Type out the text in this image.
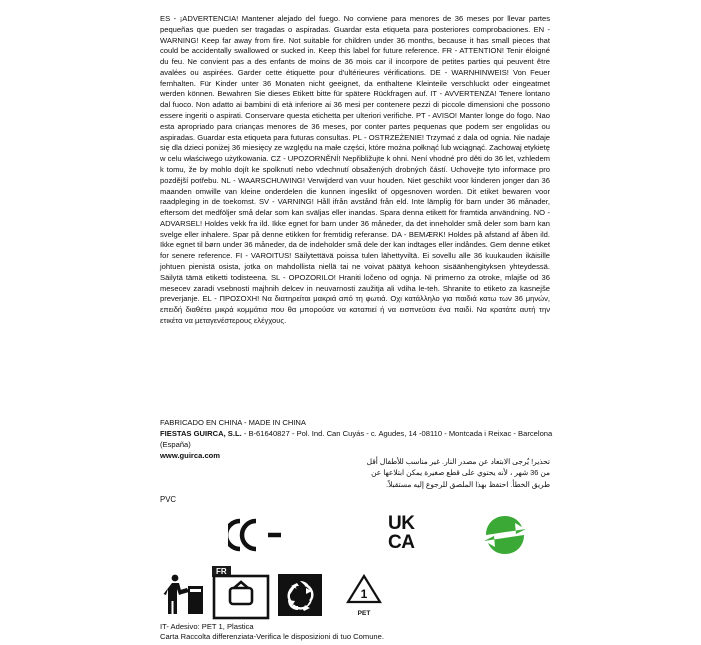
ES - ¡ADVERTENCIA! Mantener alejado del fuego. No conviene para menores de 36 meses por llevar partes pequeñas que pueden ser tragadas o aspiradas. Guardar esta etiqueta para posteriores comprobaciones. EN - WARNING! Keep far away from fire. Not suitable for children under 36 months, because it has small pieces that could be accidentally swallowed or sucked in. Keep this label for future reference. FR - ATTENTION! Tenir éloigné du feu. Ne convient pas a des enfants de moins de 36 mois car il incorpore de petites parties qui peuvent être avalées ou aspirées. Garder cette étiquette pour d'ultérieures vérifications. DE - WARNHINWEIS! Von Feuer fernhalten. Für Kinder unter 36 Monaten nicht geeignet, da enthaltene Kleinteile verschluckt oder eingeatmet werden können. Bewahren Sie dieses Etikett bitte für spätere Rückfragen auf. IT - AVVERTENZA! Tenere lontano dal fuoco. Non adatto ai bambini di età inferiore ai 36 mesi per contenere pezzi di piccole dimensioni che possono essere ingeriti o aspirati. Conservare questa etichetta per ulteriori verifiche. PT - AVISO! Manter longe do fogo. Nao esta apropriado para crianças menores de 36 meses, por conter partes pequenas que podem ser engolidas ou aspiradas. Guardar esta etiqueta para futuras consultas. PL - OSTRZEŻENIE! Trzymać z dala od ognia. Nie nadaje się dla dzieci poniżej 36 miesięcy ze względu na małe części, które można połknąć lub wciągnąć. Zachowaj etykietę w celu właściwego użytkowania. CZ - UPOZORNĚNÍ! Nepřibližujte k ohni. Není vhodné pro děti do 36 let, vzhledem k tomu, že by mohlo dojít ke spolknutí nebo vdechnutí obsažených drobných částí. Uchovejte tyto informace pro pozdější potřebu. NL - WAARSCHUWING! Verwijderd van vuur houden. Niet geschikt voor kinderen jonger dan 36 maanden omwille van kleine onderdelen die kunnen ingeslikt of opgesnoven worden. Dit etiket bewaren voor raadpleging in de toekomst. SV - VARNING! Håll ifrån avstånd från eld. Inte lämplig för barn under 36 månader, eftersom det medföljer små delar som kan sväljas eller inandas. Spara denna etikett för framtida användning. NO - ADVARSEL! Holdes vekk fra ild. Ikke egnet for barn under 36 måneder, da det inneholder små deler som barn kan svelge eller inhalere. Spar på denne etikken for fremtidig referanse. DA - BEMÆRK! Holdes på afstand af åben ild. Ikke egnet til børn under 36 måneder, da de indeholder små dele der kan indtages eller indåndes. Gem denne etiket for senere reference. FI - VAROITUS! Säilytettävä poissa tulen lähettyviltä. Ei sovellu alle 36 kuukauden ikäisille johtuen pienistä osista, jotka on mahdollista niellä tai ne voivat päätyä kehoon sisäänhengityksen yhteydessä. Säilytä tämä etiketti todisteena. SL - OPOZORILO! Hraniti ločeno od ognja. Ni primerno za otroke, mlajše od 36 mesecev zaradi vsebnosti majhnih delcev in neuvarnosti zaužitja ali vdiha le-teh. Shranite to etiketo za kasnejše preverjanje. EL - ΠΡΟΣΟΧΗ! Να διατηρείται μακριά από τη φωτιά. Οχι κατάλληλο για παιδιά κατω των 36 μηνών, επειδή διαθέτει μικρά κομμάτια που θα μπορούσε να καταπιεί ή να εισπνεύσει ένα παιδί. Να κρατάτε αυτή την ετικέτα να μεταγενέστερους ελέγχους.

FABRICADO EN CHINA - MADE IN CHINA
FIESTAS GUIRCA, S.L. - B-61640827 - Pol. Ind. Can Cuyás - c. Agudes, 14 -08110 - Montcada i Reixac - Barcelona (España)
www.guirca.com
تحذير! يُرجى الابتعاد عن مصدر النار. غير مناسب للأطفال أقل
من 36 شهر ، لأنه يحتوي على قطع صغيرة يمكن ابتلاعها عن
طريق الخطأ. احتفظ بهذا الملصق للرجوع إليه مستقبلاً.
PVC
UK
CA
FR
1
PET
IT- Adesivo: PET 1, Plastica
Carta Raccolta differenziata-Verifica le disposizioni di tuo Comune.
